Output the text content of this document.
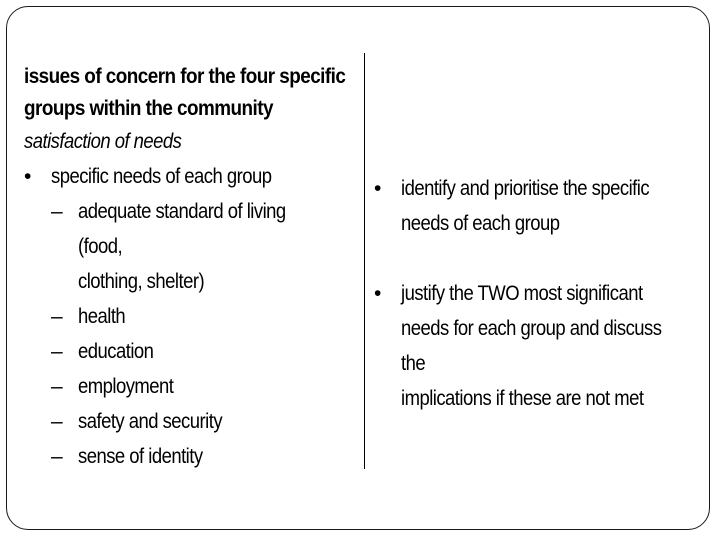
issues of concern for the four specific
groups within the community
satisfaction of needs
• specific needs of each group
– adequate standard of living (food,
clothing, shelter)
– health
– education
– employment
– safety and security
– sense of identity
• identify and prioritise the specific
needs of each group
• justify the TWO most significant
needs for each group and discuss the
implications if these are not met
